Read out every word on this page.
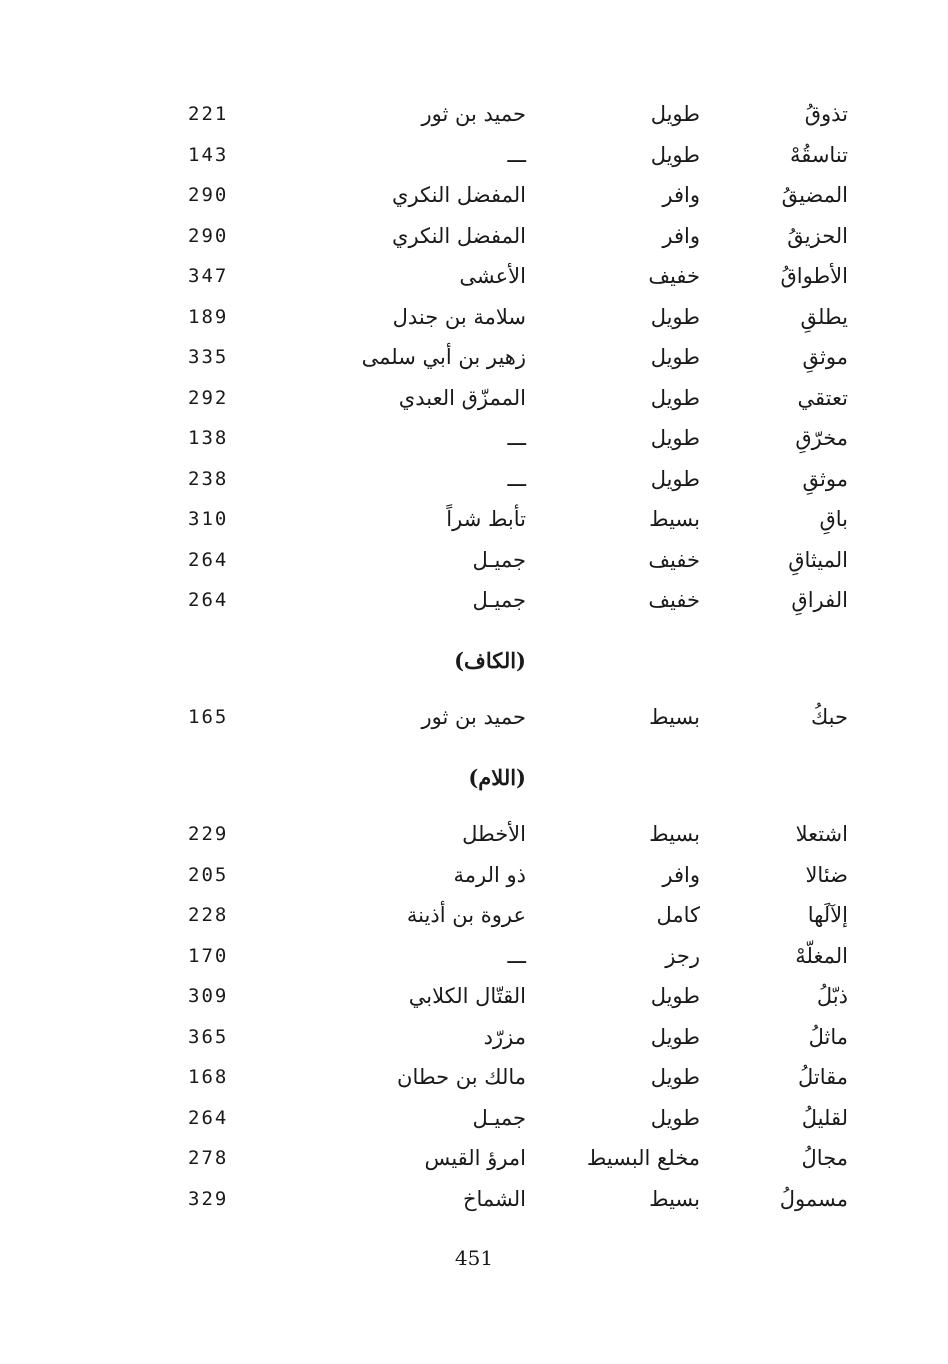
451
تذوقُ
طويل
حميد بن ثور
221
تناسقُهْ
طويل
ـــ
143
المضيقُ
وافر
المفضل النكري
290
الحزيقُ
وافر
المفضل النكري
290
الأطواقُ
خفيف
الأعشى
347
يطلقِ
طويل
سلامة بن جندل
189
موثقِ
طويل
زهير بن أبي سلمى
335
تعتقي
طويل
الممزّق العبدي
292
مخرّقِ
طويل
ـــ
138
موثقِ
طويل
ـــ
238
باقِ
بسيط
تأبط شراً
310
الميثاقِ
خفيف
جميـل
264
الفراقِ
خفيف
جميـل
264
(الكاف)
حبكُ
بسيط
حميد بن ثور
165
(اللام)
اشتعلا
بسيط
الأخطل
229
ضئالا
وافر
ذو الرمة
205
إلآلَها
كامل
عروة بن أذينة
228
المغلّهْ
رجز
ـــ
170
ذبّلُ
طويل
القتّال الكلابي
309
ماثلُ
طويل
مزرّد
365
مقاتلُ
طويل
مالك بن حطان
168
لقليلُ
طويل
جميـل
264
مجالُ
مخلع البسيط
امرؤ القيس
278
مسمولُ
بسيط
الشماخ
329
